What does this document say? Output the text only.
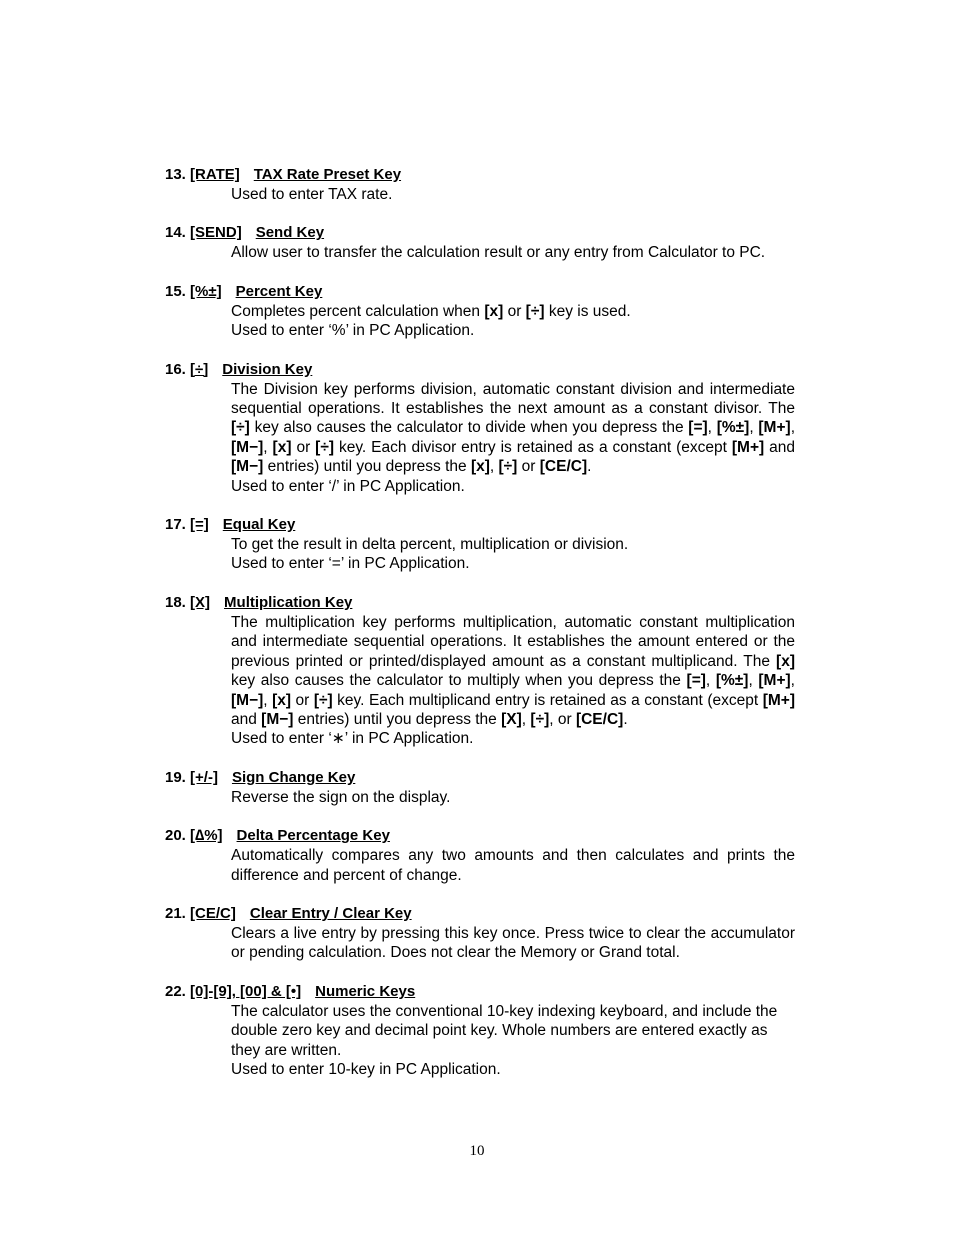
13. [RATE] TAX Rate Preset Key

Used to enter TAX rate.

14. [SEND] Send Key

Allow user to transfer the calculation result or any entry from Calculator to PC.

15. [%±] Percent Key

Completes percent calculation when [x] or [÷] key is used.

Used to enter ‘%’ in PC Application.

16. [÷] Division Key

The Division key performs division, automatic constant division and intermediate sequential operations. It establishes the next amount as a constant divisor. The [÷] key also causes the calculator to divide when you depress the [=], [%±], [M+], [M−], [x] or [÷] key. Each divisor entry is retained as a constant (except [M+] and [M−] entries) until you depress the [x], [÷] or [CE/C].

Used to enter ‘/’ in PC Application.

17. [=] Equal Key

To get the result in delta percent, multiplication or division.

Used to enter ‘=’ in PC Application.

18. [X] Multiplication Key

The multiplication key performs multiplication, automatic constant multiplication and intermediate sequential operations. It establishes the amount entered or the previous printed or printed/displayed amount as a constant multiplicand. The [x] key also causes the calculator to multiply when you depress the [=], [%±], [M+], [M−], [x] or [÷] key. Each multiplicand entry is retained as a constant (except [M+] and [M−] entries) until you depress the [X], [÷], or [CE/C].

Used to enter ‘∗’ in PC Application.

19. [+/-] Sign Change Key

Reverse the sign on the display.

20. [∆%] Delta Percentage Key

Automatically compares any two amounts and then calculates and prints the difference and percent of change.

21. [CE/C] Clear Entry / Clear Key

Clears a live entry by pressing this key once. Press twice to clear the accumulator or pending calculation. Does not clear the Memory or Grand total.

22. [0]-[9], [00] & [•] Numeric Keys

The calculator uses the conventional 10-key indexing keyboard, and include the double zero key and decimal point key. Whole numbers are entered exactly as they are written.

Used to enter 10-key in PC Application.

10
